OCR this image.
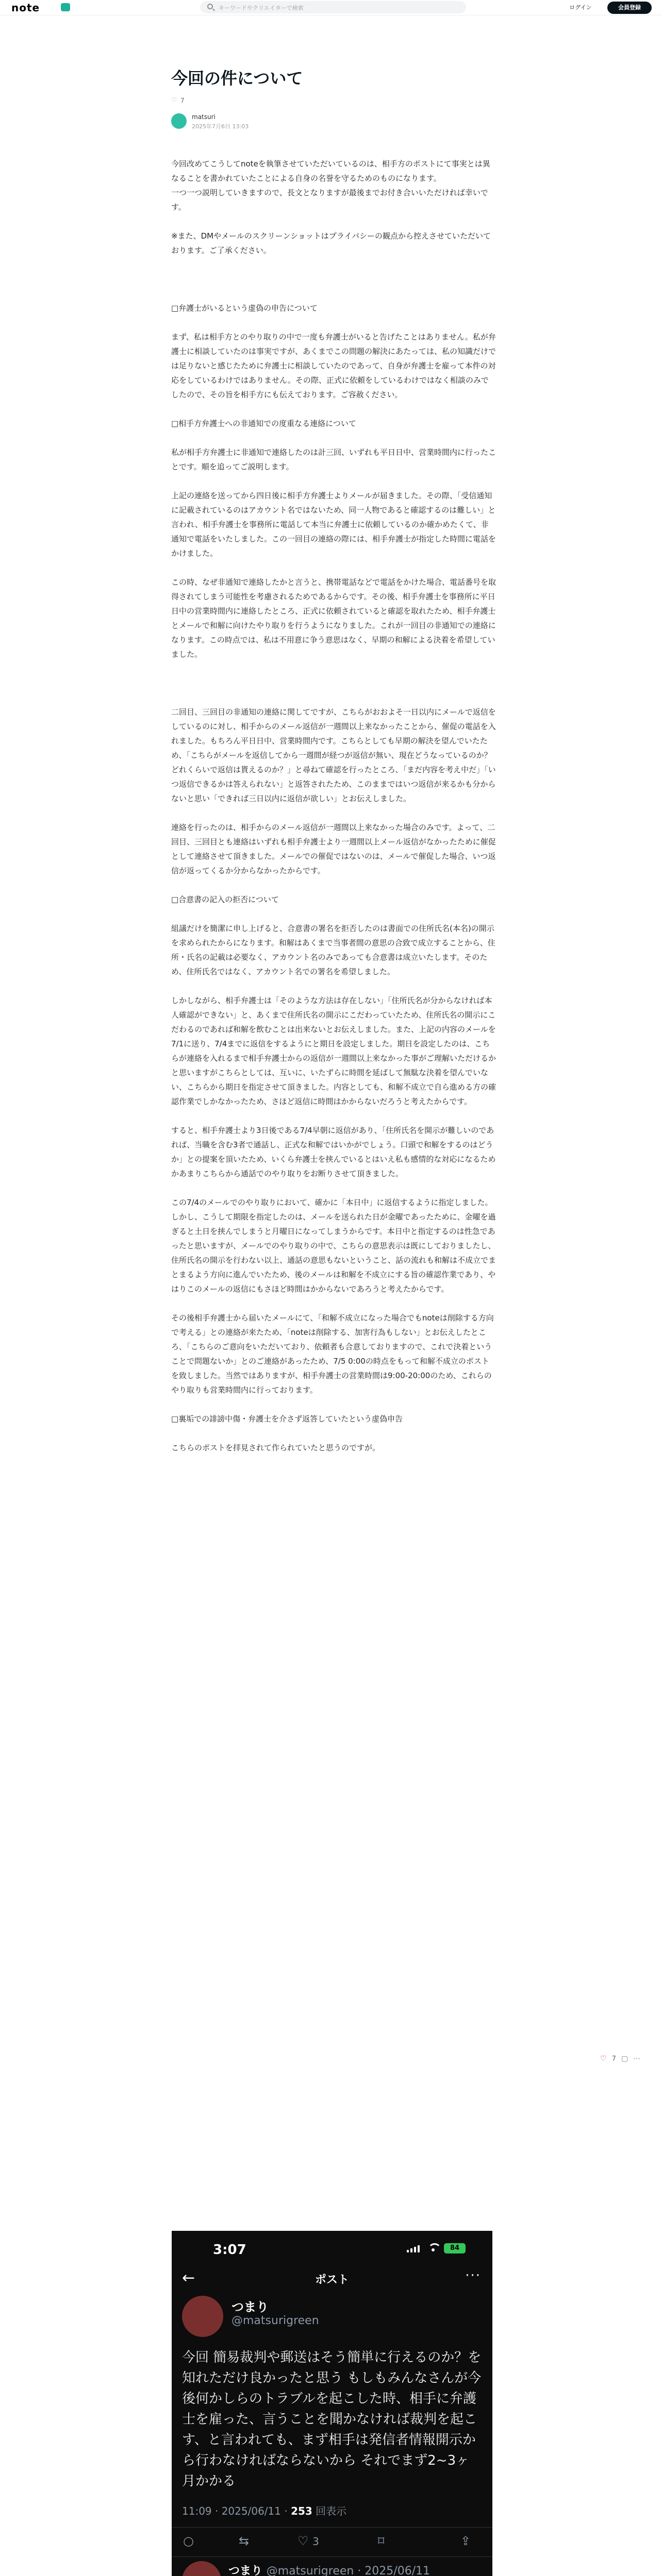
note	キーワードやクリエイターで検索	ログイン	会員登録
今回の件について
♡
7
matsuri
2025年7月6日 13:03

今回改めてこうしてnoteを執筆させていただいているのは、相手方のポストにて事実とは異なることを書かれていたことによる自身の名誉を守るためのものになります。

一つ一つ説明していきますので、長文となりますが最後までお付き合いいただければ幸いです。

※また、DMやメールのスクリーンショットはプライバシーの観点から控えさせていただいております。ご了承ください。

□弁護士がいるという虚偽の申告について

まず、私は相手方とのやり取りの中で一度も弁護士がいると告げたことはありません。私が弁護士に相談していたのは事実ですが、あくまでこの問題の解決にあたっては、私の知識だけでは足りないと感じたために弁護士に相談していたのであって、自身が弁護士を雇って本件の対応をしているわけではありません。その際、正式に依頼をしているわけではなく相談のみでしたので、その旨を相手方にも伝えております。ご容赦ください。

□相手方弁護士への非通知での度重なる連絡について

私が相手方弁護士に非通知で連絡したのは計三回、いずれも平日日中、営業時間内に行ったことです。順を追ってご説明します。

上記の連絡を送ってから四日後に相手方弁護士よりメールが届きました。その際、「受信通知に記載されているのはアカウント名ではないため、同一人物であると確認するのは難しい」と言われ、相手弁護士を事務所に電話して本当に弁護士に依頼しているのか確かめたくて、非通知で電話をいたしました。この一回目の連絡の際には、相手弁護士が指定した時間に電話をかけました。

この時、なぜ非通知で連絡したかと言うと、携帯電話などで電話をかけた場合、電話番号を取得されてしまう可能性を考慮されるためであるからです。その後、相手弁護士を事務所に平日日中の営業時間内に連絡したところ、正式に依頼されていると確認を取れたため、相手弁護士とメールで和解に向けたやり取りを行うようになりました。これが一回目の非通知での連絡になります。この時点では、私は不用意に争う意思はなく、早期の和解による決着を希望していました。

二回目、三回目の非通知の連絡に関してですが、こちらがおおよそ一日以内にメールで返信をしているのに対し、相手からのメール返信が一週間以上来なかったことから、催促の電話を入れました。もちろん平日日中、営業時間内です。こちらとしても早期の解決を望んでいたため、「こちらがメールを返信してから一週間が経つが返信が無い、現在どうなっているのか？どれくらいで返信は貰えるのか？」と尋ねて確認を行ったところ、「まだ内容を考え中だ」「いつ返信できるかは答えられない」と返答されたため、このままではいつ返信が来るかも分からないと思い「できれば三日以内に返信が欲しい」とお伝えしました。

連絡を行ったのは、相手からのメール返信が一週間以上来なかった場合のみです。よって、二回目、三回目とも連絡はいずれも相手弁護士より一週間以上メール返信がなかったために催促として連絡させて頂きました。メールでの催促ではないのは、メールで催促した場合、いつ返信が返ってくるか分からなかったからです。

□合意書の記入の拒否について

組議だけを簡潔に申し上げると、合意書の署名を拒否したのは書面での住所氏名(本名)の開示を求められたからになります。和解はあくまで当事者間の意思の合致で成立することから、住所・氏名の記載は必要なく、アカウント名のみであっても合意書は成立いたします。そのため、住所氏名ではなく、アカウント名での署名を希望しました。

しかしながら、相手弁護士は「そのような方法は存在しない」「住所氏名が分からなければ本人確認ができない」と、あくまで住所氏名の開示にこだわっていたため、住所氏名の開示にこだわるのであれば和解を飲むことは出来ないとお伝えしました。また、上記の内容のメールを7/1に送り、7/4までに返信をするようにと期日を設定しました。期日を設定したのは、こちらが連絡を入れるまで相手弁護士からの返信が一週間以上来なかった事がご理解いただけるかと思いますがこちらとしては、互いに、いたずらに時間を延ばして無駄な決着を望んでいない、こちらから期日を指定させて頂きました。内容としても、和解不成立で自ら進める方の確認作業でしかなかったため、さほど返信に時間はかからないだろうと考えたからです。

すると、相手弁護士より3日後である7/4早朝に返信があり、「住所氏名を開示が難しいのであれば、当職を含む3者で通話し、正式な和解ではいかがでしょう。口頭で和解をするのはどうか」との提案を頂いたため、いくら弁護士を挟んでいるとはいえ私も感情的な対応になるためかあまりこちらから通話でのやり取りをお断りさせて頂きました。

この7/4のメールでのやり取りにおいて、確かに「本日中」に返信するように指定しました。しかし、こうして期限を指定したのは、メールを送られた日が金曜であったために、金曜を過ぎると土日を挟んでしまうと月曜日になってしまうからです。本日中と指定するのは性急であったと思いますが、メールでのやり取りの中で、こちらの意思表示は既にしておりましたし、住所氏名の開示を行わない以上、通話の意思もないということ、話の流れも和解は不成立でまとまるよう方向に進んでいたため、後のメールは和解を不成立にする旨の確認作業であり、やはりこのメールの返信にもさほど時間はかからないであろうと考えたからです。

その後相手弁護士から届いたメールにて、「和解不成立になった場合でもnoteは削除する方向で考える」との連絡が来たため、「noteは削除する、加害行為もしない」とお伝えしたところ、「こちらのご意向をいただいており、依頼者も合意しておりますので、これで決着ということで問題ないか」とのご連絡があったため、7/5 0:00の時点をもって和解不成立のポストを致しました。当然ではありますが、相手弁護士の営業時間は9:00-20:00のため、これらのやり取りも営業時間内に行っております。

□裏垢での誹謗中傷・弁護士を介さず返答していたという虚偽申告

こちらのポストを拝見されて作られていたと思うのですが。

♡ 7 ▢ ⋯
3:07	84
←	ポスト	···
つまり
@matsurigreen
今回 簡易裁判や郵送はそう簡単に行えるのか？を知れただけ良かったと思う もしもみんなさんが今後何かしらのトラブルを起こした時、相手に弁護士を雇った、言うことを聞かなければ裁判を起こす、と言われても、まず相手は発信者情報開示から行わなければならないから それでまず2~3ヶ月かかる
11:09 · 2025/06/11 · 253 回表示
○	⇆	♡ 3	⌑	⇪
つまり @matsurigreen · 2025/06/11
